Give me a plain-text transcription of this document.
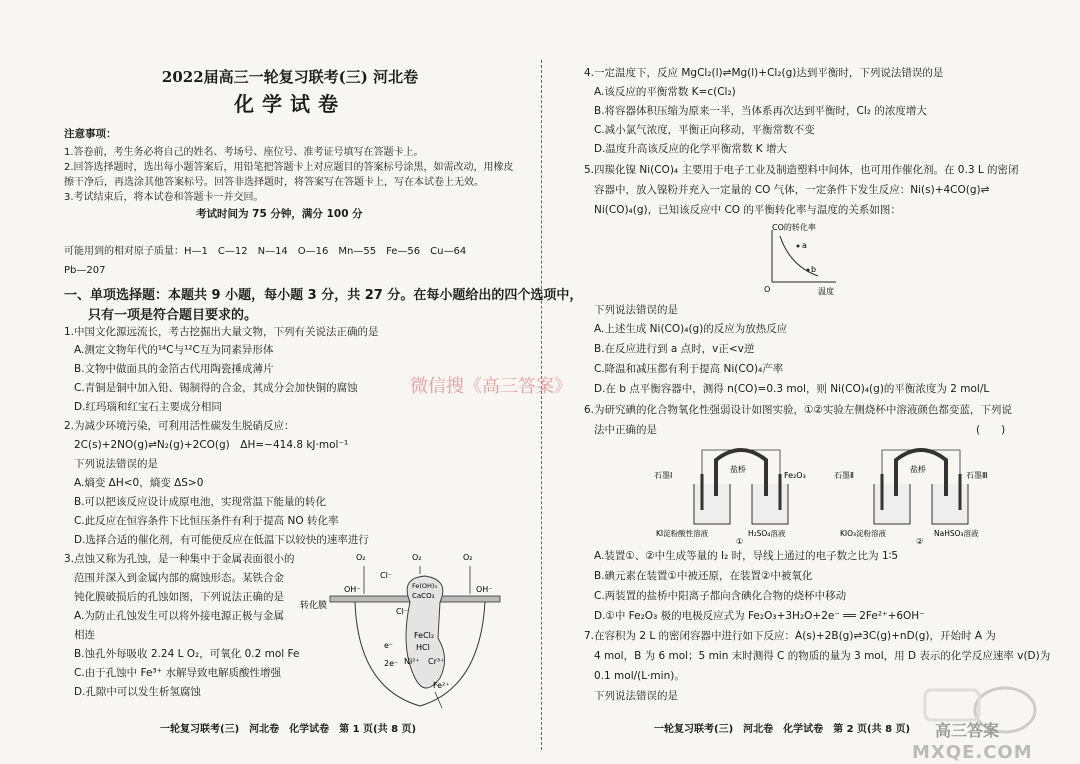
2022届高三一轮复习联考(三) 河北卷
化学试卷
注意事项：
1.答卷前，考生务必将自己的姓名、考场号、座位号、准考证号填写在答题卡上。
2.回答选择题时，选出每小题答案后，用铅笔把答题卡上对应题目的答案标号涂黑，如需改动，用橡皮
擦干净后，再选涂其他答案标号。回答非选择题时，将答案写在答题卡上，写在本试卷上无效。
3.考试结束后，将本试卷和答题卡一并交回。
考试时间为 75 分钟，满分 100 分
可能用到的相对原子质量：H—1　C—12　N—14　O—16　Mn—55　Fe—56　Cu—64
Pb—207
一、单项选择题：本题共 9 小题，每小题 3 分，共 27 分。在每小题给出的四个选项中，
只有一项是符合题目要求的。
1.中国文化源远流长，考古挖掘出大量文物，下列有关说法正确的是
A.测定文物年代的¹⁴C与¹²C互为同素异形体
B.文物中做面具的金箔古代用陶瓷捶成薄片
C.青铜是铜中加入铅、锡制得的合金，其成分会加快铜的腐蚀
D.红玛瑙和红宝石主要成分相同
2.为减少环境污染，可利用活性碳发生脱硝反应：
2C(s)+2NO(g)⇌N₂(g)+2CO(g)　ΔH=−414.8 kJ·mol⁻¹
下列说法错误的是
A.熵变 ΔH<0，熵变 ΔS>0
B.可以把该反应设计成原电池，实现常温下能量的转化
C.此反应在恒容条件下比恒压条件有利于提高 NO 转化率
D.选择合适的催化剂，有可能使反应在低温下以较快的速率进行
3.点蚀又称为孔蚀，是一种集中于金属表面很小的
范围并深入到金属内部的腐蚀形态。某铁合金
钝化膜破损后的孔蚀如图，下列说法正确的是
A.为防止孔蚀发生可以将外接电源正极与金属
相连
B.蚀孔外每吸收 2.24 L O₂，可氧化 0.2 mol Fe
C.由于孔蚀中 Fe³⁺ 水解导致电解质酸性增强
D.孔隙中可以发生析氢腐蚀
O₂	O₂	O₂
Cl⁻
Fe(OH)₃
CaCO₃
Cl⁻
OH⁻	OH⁻
转化膜
e⁻
FeCl₂
HCl
Ni²⁺ Cr³⁺
2e⁻
Fe²⁺
一轮复习联考(三)　河北卷　化学试卷　第 1 页(共 8 页)
4.一定温度下，反应 MgCl₂(l)⇌Mg(l)+Cl₂(g)达到平衡时，下列说法错误的是
A.该反应的平衡常数 K=c(Cl₂)
B.将容器体积压缩为原来一半，当体系再次达到平衡时，Cl₂ 的浓度增大
C.减小氯气浓度，平衡正向移动，平衡常数不变
D.温度升高该反应的化学平衡常数 K 增大
5.四羰化镍 Ni(CO)₄ 主要用于电子工业及制造塑料中间体，也可用作催化剂。在 0.3 L 的密闭
容器中，放入镍粉并充入一定量的 CO 气体，一定条件下发生反应：Ni(s)+4CO(g)⇌
Ni(CO)₄(g)，已知该反应中 CO 的平衡转化率与温度的关系如图：
CO的转化率
a
b
O	温度
下列说法错误的是
A.上述生成 Ni(CO)₄(g)的反应为放热反应
B.在反应进行到 a 点时，v正<v逆
C.降温和减压都有利于提高 Ni(CO)₄产率
D.在 b 点平衡容器中，测得 n(CO)=0.3 mol，则 Ni(CO)₄(g)的平衡浓度为 2 mol/L
6.为研究碘的化合物氧化性强弱设计如图实验，①②实验左侧烧杯中溶液颜色都变蓝，下列说
法中正确的是	(　　)
石墨Ⅰ
盐桥
Fe₂O₃
KI淀粉酸性溶液	H₂SO₄溶液
①
石墨Ⅱ
盐桥
石墨Ⅲ
KIO₃淀粉溶液	NaHSO₃溶液
②
A.装置①、②中生成等量的 I₂ 时，导线上通过的电子数之比为 1∶5
B.碘元素在装置①中被还原，在装置②中被氧化
C.两装置的盐桥中阳离子都向含碘化合物的烧杯中移动
D.①中 Fe₂O₃ 极的电极反应式为 Fe₂O₃+3H₂O+2e⁻ ══ 2Fe²⁺+6OH⁻
7.在容积为 2 L 的密闭容器中进行如下反应：A(s)+2B(g)⇌3C(g)+nD(g)，开始时 A 为
4 mol，B 为 6 mol；5 min 末时测得 C 的物质的量为 3 mol，用 D 表示的化学反应速率 v(D)为
0.1 mol/(L·min)。
下列说法错误的是
一轮复习联考(三)　河北卷　化学试卷　第 2 页(共 8 页)
微信搜《高三答案》
高三答案
MXQE.COM
